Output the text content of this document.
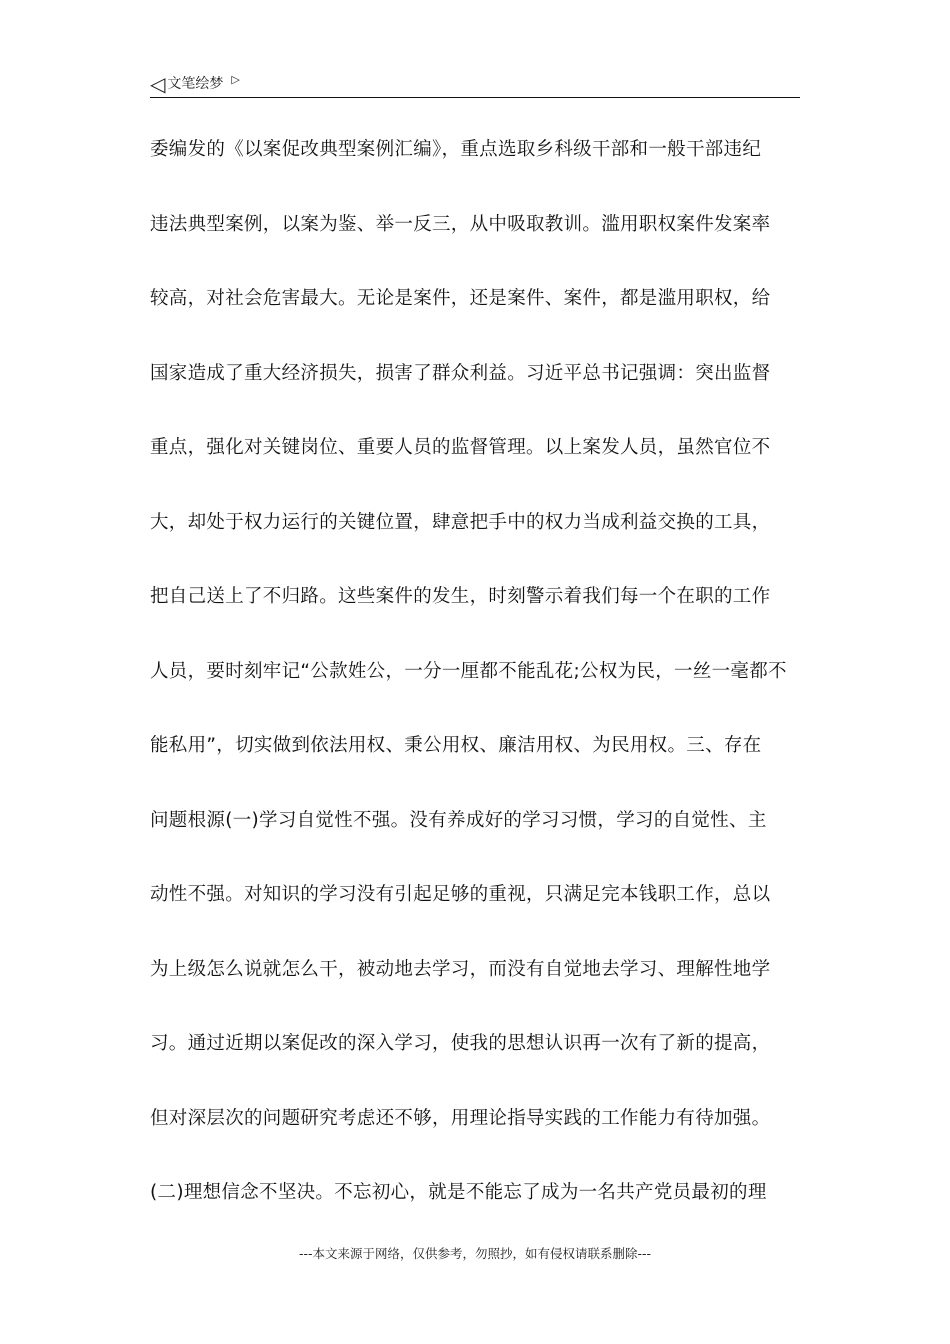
◁ 文笔绘梦 ▷
委编发的《以案促改典型案例汇编》，重点选取乡科级干部和一般干部违纪
违法典型案例，以案为鉴、举一反三，从中吸取教训。滥用职权案件发案率
较高，对社会危害最大。无论是案件，还是案件、案件，都是滥用职权，给
国家造成了重大经济损失，损害了群众利益。习近平总书记强调：突出监督
重点，强化对关键岗位、重要人员的监督管理。以上案发人员，虽然官位不
大，却处于权力运行的关键位置，肆意把手中的权力当成利益交换的工具，
把自己送上了不归路。这些案件的发生，时刻警示着我们每一个在职的工作
人员，要时刻牢记“公款姓公，一分一厘都不能乱花;公权为民，一丝一毫都不
能私用”，切实做到依法用权、秉公用权、廉洁用权、为民用权。三、存在
问题根源(一)学习自觉性不强。没有养成好的学习习惯，学习的自觉性、主
动性不强。对知识的学习没有引起足够的重视，只满足完本钱职工作，总以
为上级怎么说就怎么干，被动地去学习，而没有自觉地去学习、理解性地学
习。通过近期以案促改的深入学习，使我的思想认识再一次有了新的提高，
但对深层次的问题研究考虑还不够，用理论指导实践的工作能力有待加强。
(二)理想信念不坚决。不忘初心，就是不能忘了成为一名共产党员最初的理
---本文来源于网络，仅供参考，勿照抄，如有侵权请联系删除---
